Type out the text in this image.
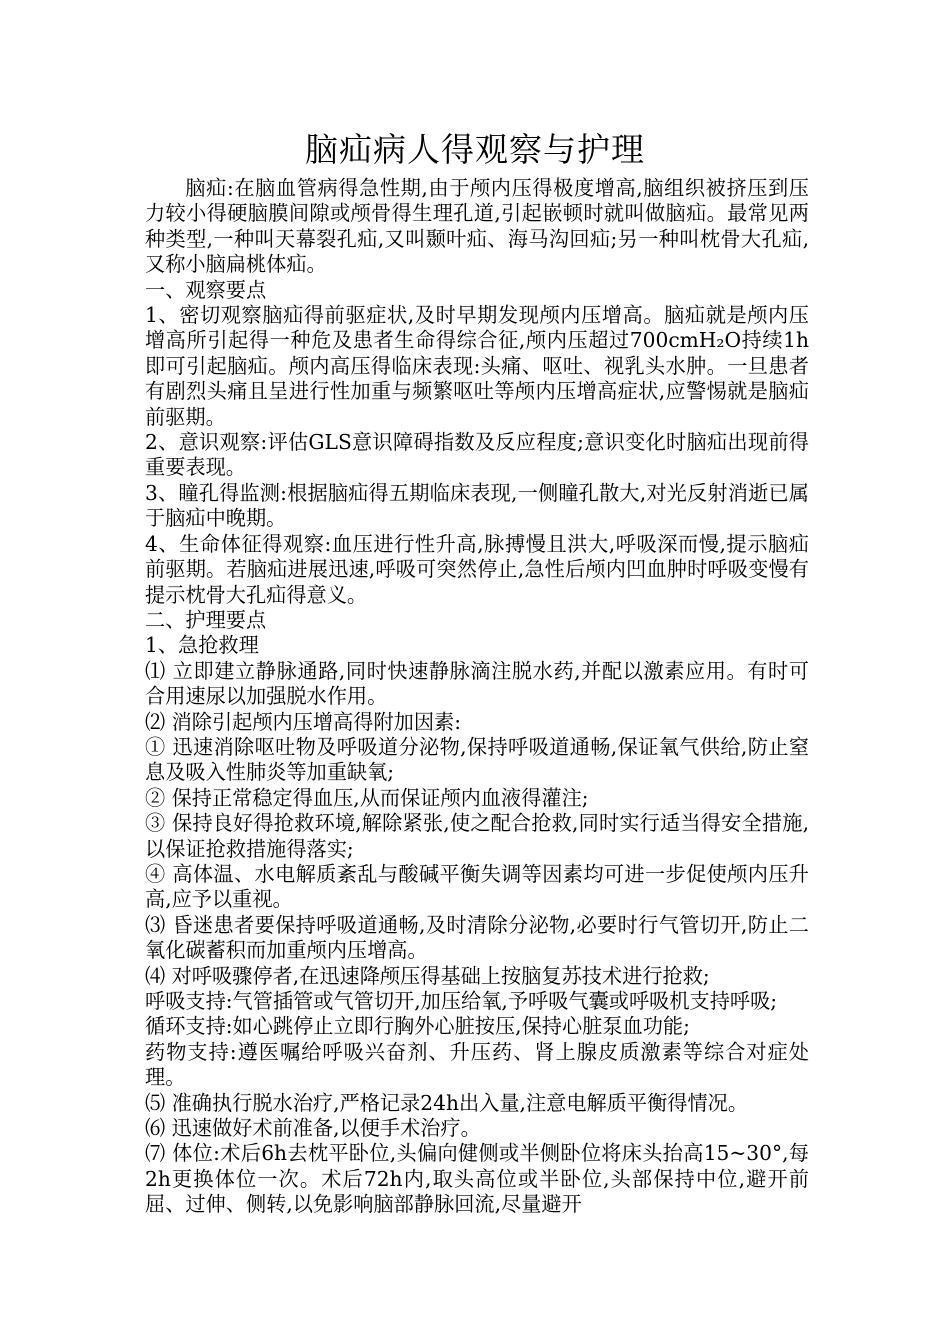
脑疝病人得观察与护理

脑疝:在脑血管病得急性期,由于颅内压得极度增高,脑组织被挤压到压力较小得硬脑膜间隙或颅骨得生理孔道,引起嵌顿时就叫做脑疝。最常见两种类型,一种叫天幕裂孔疝,又叫颞叶疝、海马沟回疝;另一种叫枕骨大孔疝,又称小脑扁桃体疝。

一、观察要点

1、密切观察脑疝得前驱症状,及时早期发现颅内压增高。脑疝就是颅内压增高所引起得一种危及患者生命得综合征,颅内压超过700cmH₂O持续1h即可引起脑疝。颅内高压得临床表现:头痛、呕吐、视乳头水肿。一旦患者有剧烈头痛且呈进行性加重与频繁呕吐等颅内压增高症状,应警惕就是脑疝前驱期。

2、意识观察:评估GLS意识障碍指数及反应程度;意识变化时脑疝出现前得重要表现。

3、瞳孔得监测:根据脑疝得五期临床表现,一侧瞳孔散大,对光反射消逝已属于脑疝中晚期。

4、生命体征得观察:血压进行性升高,脉搏慢且洪大,呼吸深而慢,提示脑疝前驱期。若脑疝进展迅速,呼吸可突然停止,急性后颅内凹血肿时呼吸变慢有提示枕骨大孔疝得意义。

二、护理要点

1、急抢救理

⑴ 立即建立静脉通路,同时快速静脉滴注脱水药,并配以激素应用。有时可合用速尿以加强脱水作用。

⑵ 消除引起颅内压增高得附加因素:

① 迅速消除呕吐物及呼吸道分泌物,保持呼吸道通畅,保证氧气供给,防止窒息及吸入性肺炎等加重缺氧;

② 保持正常稳定得血压,从而保证颅内血液得灌注;

③ 保持良好得抢救环境,解除紧张,使之配合抢救,同时实行适当得安全措施,以保证抢救措施得落实;

④ 高体温、水电解质紊乱与酸碱平衡失调等因素均可进一步促使颅内压升高,应予以重视。

⑶ 昏迷患者要保持呼吸道通畅,及时清除分泌物,必要时行气管切开,防止二氧化碳蓄积而加重颅内压增高。

⑷ 对呼吸骤停者,在迅速降颅压得基础上按脑复苏技术进行抢救;

呼吸支持:气管插管或气管切开,加压给氧,予呼吸气囊或呼吸机支持呼吸;

循环支持:如心跳停止立即行胸外心脏按压,保持心脏泵血功能;

药物支持:遵医嘱给呼吸兴奋剂、升压药、肾上腺皮质激素等综合对症处理。

⑸ 准确执行脱水治疗,严格记录24h出入量,注意电解质平衡得情况。

⑹ 迅速做好术前准备,以便手术治疗。

⑺ 体位:术后6h去枕平卧位,头偏向健侧或半侧卧位将床头抬高15~30°,每2h更换体位一次。术后72h内,取头高位或半卧位,头部保持中位,避开前屈、过伸、侧转,以免影响脑部静脉回流,尽量避开
